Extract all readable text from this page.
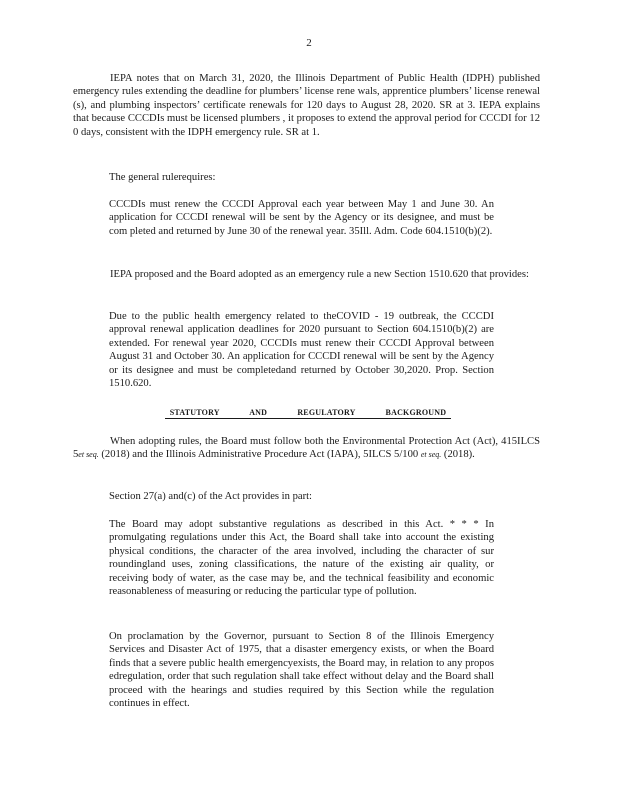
2

IEPA notes that on March 31, 2020, the Illinois Department of Public Health (IDPH) published emergency rules extending the deadline for plumbers’ license rene wals, apprentice plumbers’ license renewal (s), and plumbing inspectors’ certificate renewals for 120 days to August 28, 2020. SR at 3. IEPA explains that because CCCDIs must be licensed plumbers , it proposes to extend the approval period for CCCDI for 12 0 days, consistent with the IDPH emergency rule. SR at 1.

The general rulerequires:

CCCDIs must renew the CCCDI Approval each year between May 1 and June 30. An application for CCCDI renewal will be sent by the Agency or its designee, and must be com pleted and returned by June 30 of the renewal year. 35Ill. Adm. Code 604.1510(b)(2).

IEPA proposed and the Board adopted as an emergency rule a new Section 1510.620 that provides:

Due to the public health emergency related to theCOVID - 19 outbreak, the CCCDI approval renewal application deadlines for 2020 pursuant to Section 604.1510(b)(2) are extended. For renewal year 2020, CCCDIs must renew their CCCDI Approval between August 31 and October 30. An application for CCCDI renewal will be sent by the Agency or its designee and must be completedand returned by October 30,2020. Prop. Section 1510.620.

STATUTORY AND REGULATORY BACKGROUND

When adopting rules, the Board must follow both the Environmental Protection Act (Act), 415ILCS 5et seq. (2018) and the Illinois Administrative Procedure Act (IAPA), 5ILCS 5/100 et seq. (2018).

Section 27(a) and(c) of the Act provides in part:

The Board may adopt substantive regulations as described in this Act. * * * In promulgating regulations under this Act, the Board shall take into account the existing physical conditions, the character of the area involved, including the character of sur roundingland uses, zoning classifications, the nature of the existing air quality, or receiving body of water, as the case may be, and the technical feasibility and economic reasonableness of measuring or reducing the particular type of pollution.

On proclamation by the Governor, pursuant to Section 8 of the Illinois Emergency Services and Disaster Act of 1975, that a disaster emergency exists, or when the Board finds that a severe public health emergencyexists, the Board may, in relation to any propos edregulation, order that such regulation shall take effect without delay and the Board shall proceed with the hearings and studies required by this Section while the regulation continues in effect.
